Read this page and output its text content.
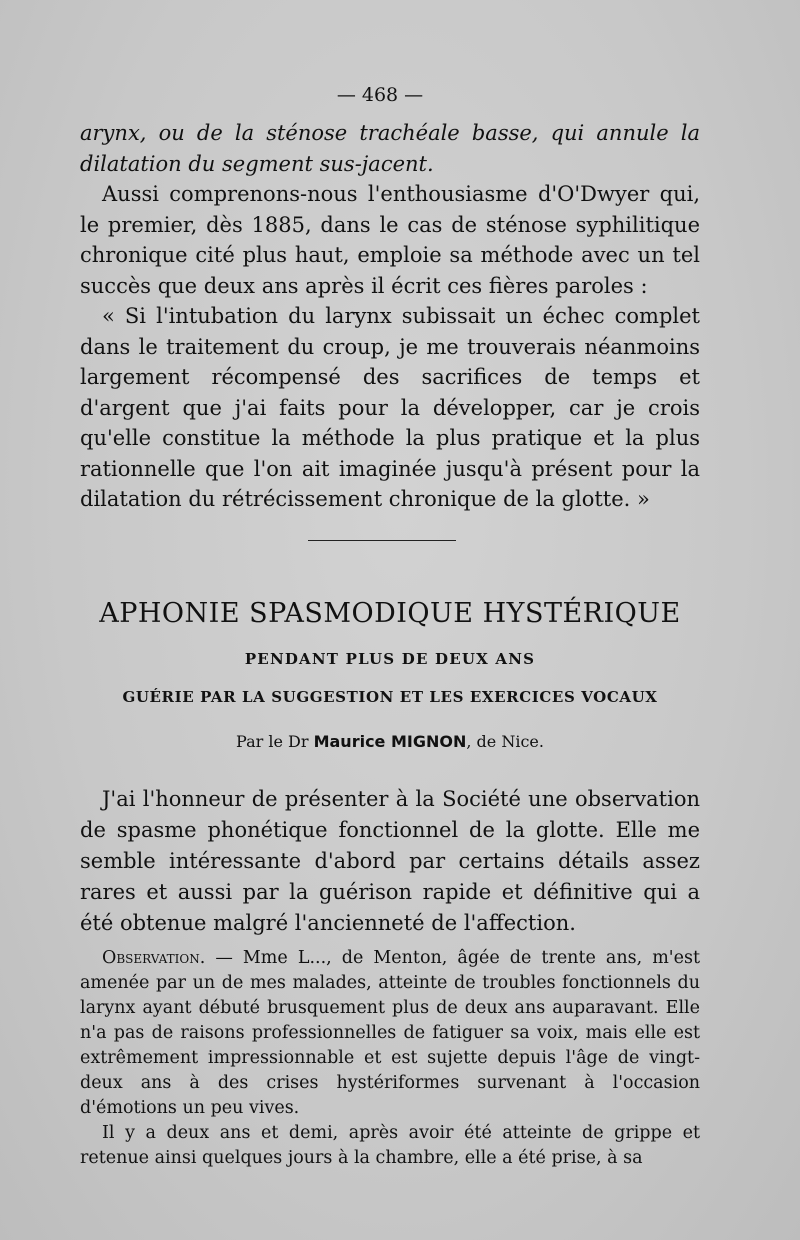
— 468 —

arynx, ou de la sténose trachéale basse, qui annule la dilatation du segment sus-jacent.

Aussi comprenons-nous l'enthousiasme d'O'Dwyer qui, le premier, dès 1885, dans le cas de sténose syphilitique chronique cité plus haut, emploie sa méthode avec un tel succès que deux ans après il écrit ces fières paroles :

« Si l'intubation du larynx subissait un échec complet dans le traitement du croup, je me trouverais néanmoins largement récompensé des sacrifices de temps et d'argent que j'ai faits pour la développer, car je crois qu'elle constitue la méthode la plus pratique et la plus rationnelle que l'on ait imaginée jusqu'à présent pour la dilatation du rétrécissement chronique de la glotte. »

APHONIE SPASMODIQUE HYSTÉRIQUE
PENDANT PLUS DE DEUX ANS
GUÉRIE PAR LA SUGGESTION ET LES EXERCICES VOCAUX
Par le Dr Maurice MIGNON, de Nice.

J'ai l'honneur de présenter à la Société une observation de spasme phonétique fonctionnel de la glotte. Elle me semble intéressante d'abord par certains détails assez rares et aussi par la guérison rapide et définitive qui a été obtenue malgré l'ancienneté de l'affection.

Observation. — Mme L..., de Menton, âgée de trente ans, m'est amenée par un de mes malades, atteinte de troubles fonctionnels du larynx ayant débuté brusquement plus de deux ans auparavant. Elle n'a pas de raisons professionnelles de fatiguer sa voix, mais elle est extrêmement impressionnable et est sujette depuis l'âge de vingt-deux ans à des crises hystériformes survenant à l'occasion d'émotions un peu vives.

Il y a deux ans et demi, après avoir été atteinte de grippe et retenue ainsi quelques jours à la chambre, elle a été prise, à sa
